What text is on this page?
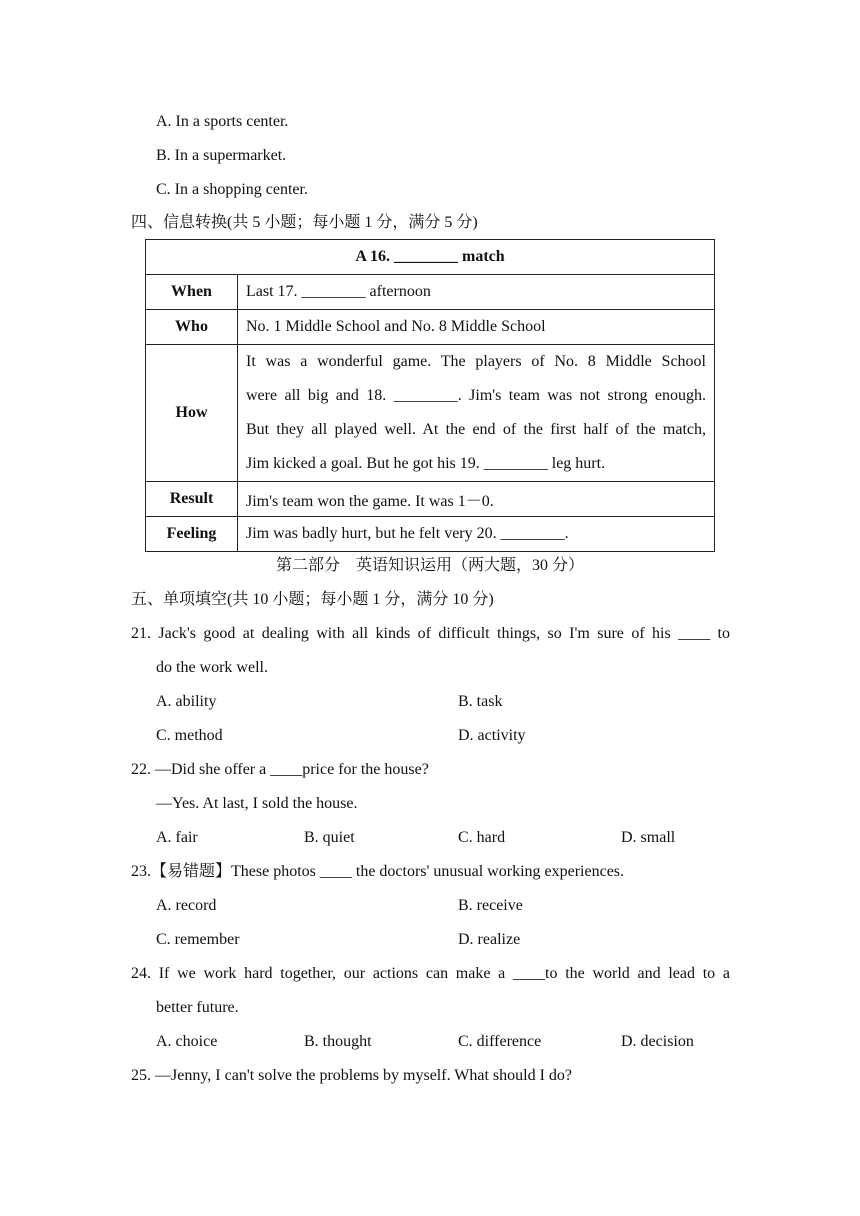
A. In a sports center.
B. In a supermarket.
C. In a shopping center.
四、信息转换(共 5 小题；每小题 1 分，满分 5 分)
A 16. ________ match	
When	Last 17. ________ afternoon
Who	No. 1 Middle School and No. 8 Middle School
How	It was a wonderful game. The players of No. 8 Middle School
were all big and 18. ________. Jim's team was not strong enough.
But they all played well. At the end of the first half of the match,
Jim kicked a goal. But he got his 19. ________ leg hurt.

Result	Jim's team won the game. It was 1－0.
Feeling	Jim was badly hurt, but he felt very 20. ________.
第二部分　英语知识运用（两大题，30 分）
五、单项填空(共 10 小题；每小题 1 分，满分 10 分)
21. Jack's good at dealing with all kinds of difficult things, so I'm sure of his ____ to
do the work well.
A. ability	B. task
C. method	D. activity
22. —Did she offer a ____price for the house?
—Yes. At last, I sold the house.
A. fair	B. quiet	C. hard	D. small
23.【易错题】These photos ____ the doctors' unusual working experiences.
A. record	B. receive
C. remember	D. realize
24. If we work hard together, our actions can make a ____to the world and lead to a
better future.
A. choice	B. thought	C. difference	D. decision
25. —Jenny, I can't solve the problems by myself. What should I do?
